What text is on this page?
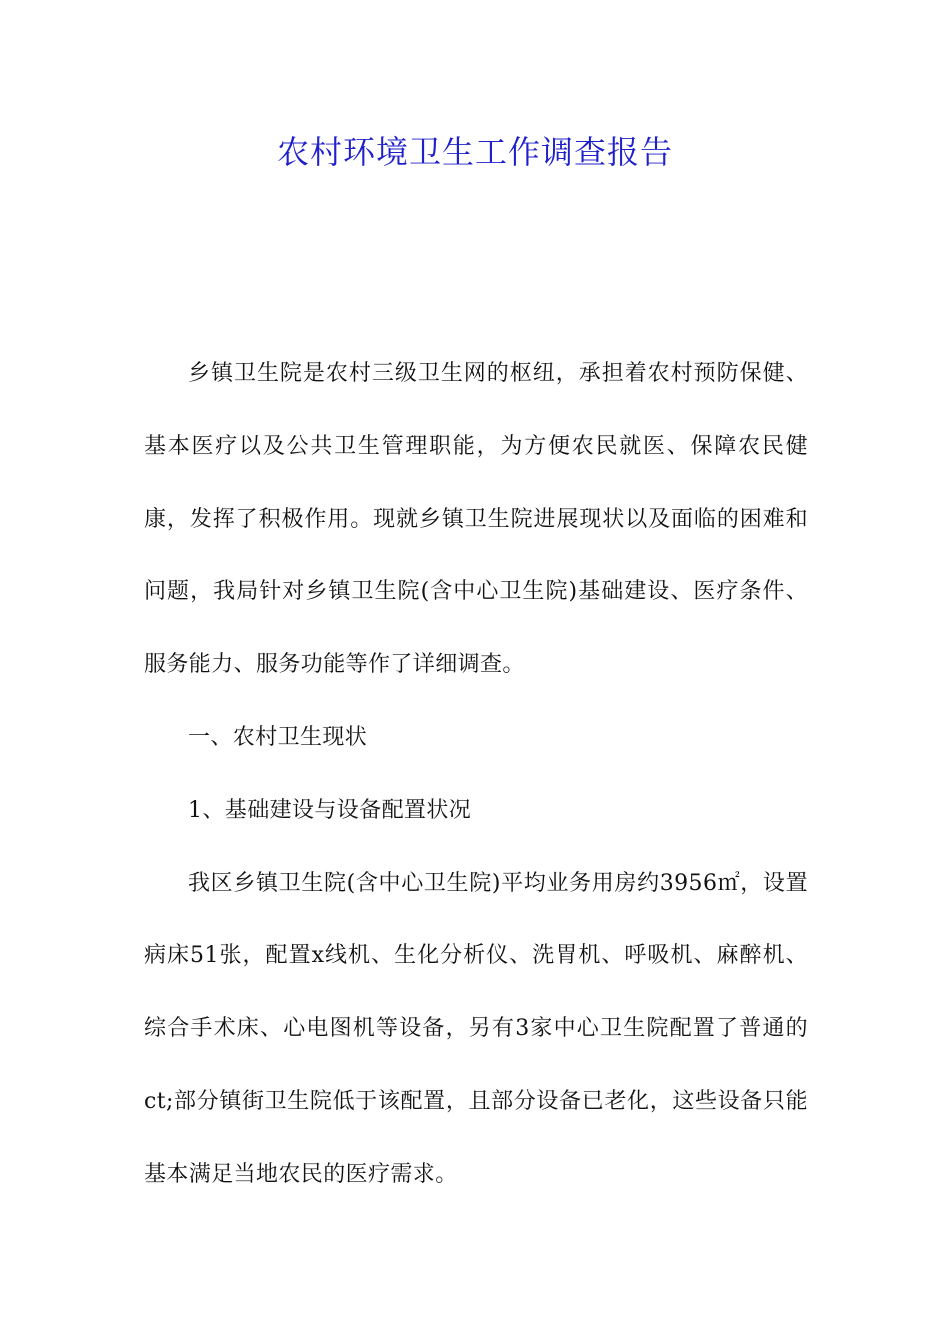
农村环境卫生工作调查报告

乡镇卫生院是农村三级卫生网的枢纽，承担着农村预防保健、基本医疗以及公共卫生管理职能，为方便农民就医、保障农民健康，发挥了积极作用。现就乡镇卫生院进展现状以及面临的困难和问题，我局针对乡镇卫生院(含中心卫生院)基础建设、医疗条件、服务能力、服务功能等作了详细调查。

一、农村卫生现状

1、基础建设与设备配置状况

我区乡镇卫生院(含中心卫生院)平均业务用房约3956㎡，设置病床51张，配置x线机、生化分析仪、洗胃机、呼吸机、麻醉机、综合手术床、心电图机等设备，另有3家中心卫生院配置了普通的ct;部分镇街卫生院低于该配置，且部分设备已老化，这些设备只能基本满足当地农民的医疗需求。
